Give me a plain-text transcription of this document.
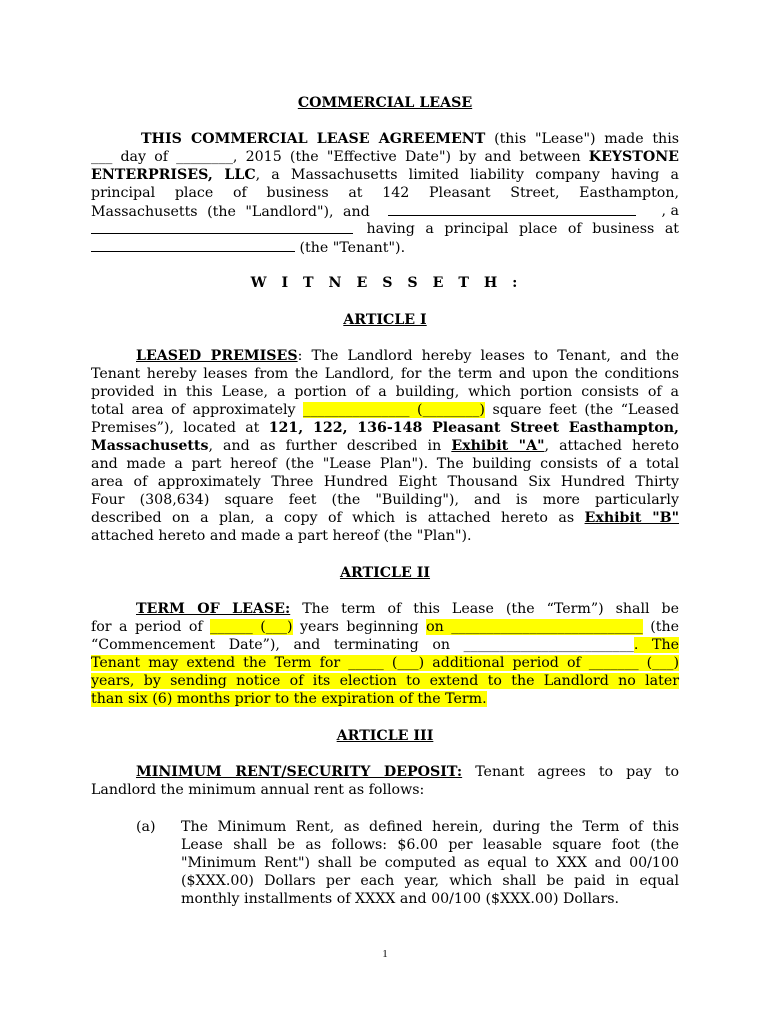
COMMERCIAL LEASE
THIS COMMERCIAL LEASE AGREEMENT (this "Lease") made this
___ day of ________, 2015 (the "Effective Date") by and between KEYSTONE
ENTERPRISES, LLC, a Massachusetts limited liability company having a
principal place of business at 142 Pleasant Street, Easthampton,
Massachusetts (the "Landlord"), and	, a
having a principal place of business at
(the "Tenant").
W I T N E S S E T H :
ARTICLE I
LEASED PREMISES: The Landlord hereby leases to Tenant, and the
Tenant hereby leases from the Landlord, for the term and upon the conditions
provided in this Lease, a portion of a building, which portion consists of a
total area of approximately _______________ (________) square feet (the “Leased
Premises”), located at 121, 122, 136-148 Pleasant Street Easthampton,
Massachusetts, and as further described in Exhibit "A", attached hereto
and made a part hereof (the "Lease Plan"). The building consists of a total
area of approximately Three Hundred Eight Thousand Six Hundred Thirty
Four (308,634) square feet (the "Building"), and is more particularly
described on a plan, a copy of which is attached hereto as Exhibit "B"
attached hereto and made a part hereof (the "Plan").
ARTICLE II
TERM OF LEASE: The term of this Lease (the “Term”) shall be
for a period of ______ (___) years beginning on ___________________________ (the
“Commencement Date”), and terminating on ________________________. The
Tenant may extend the Term for _____ (___) additional period of _______ (___)
years, by sending notice of its election to extend to the Landlord no later
than six (6) months prior to the expiration of the Term.
ARTICLE III
MINIMUM RENT/SECURITY DEPOSIT: Tenant agrees to pay to
Landlord the minimum annual rent as follows:
(a)	The Minimum Rent, as defined herein, during the Term of this
Lease shall be as follows: $6.00 per leasable square foot (the
"Minimum Rent") shall be computed as equal to XXX and 00/100
($XXX.00) Dollars per each year, which shall be paid in equal
monthly installments of XXXX and 00/100 ($XXX.00) Dollars.
1
